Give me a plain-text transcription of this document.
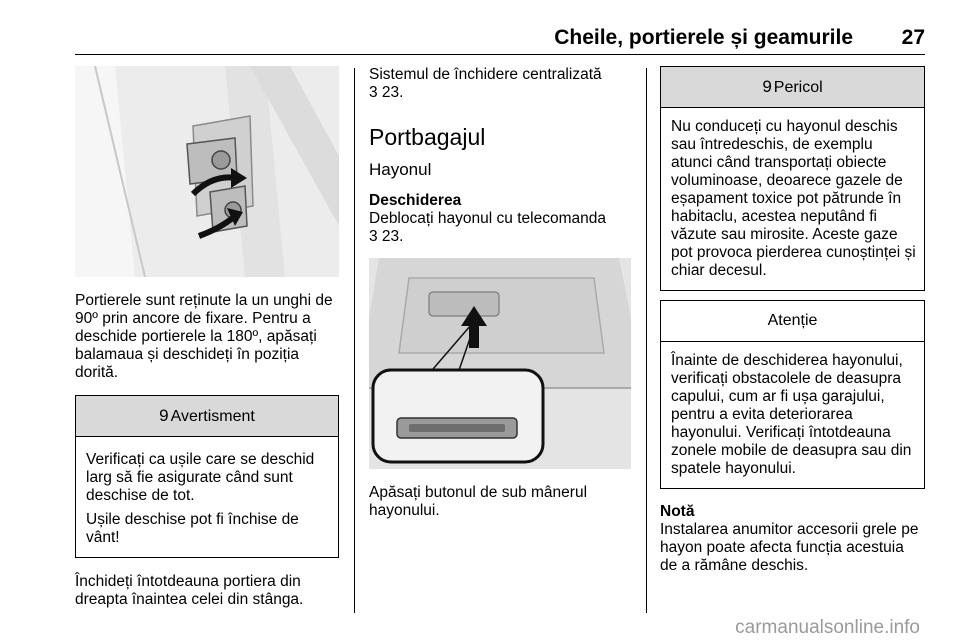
Cheile, portierele și geamurile 27

Portierele sunt reținute la un unghi de 90º prin ancore de fixare. Pentru a deschide portierele la 180º, apăsați balamaua și deschideți în poziția dorită.

9 Avertisment

Verificați ca ușile care se deschid larg să fie asigurate când sunt deschise de tot.

Ușile deschise pot fi închise de vânt!

Închideți întotdeauna portiera din dreapta înaintea celei din stânga.

Sistemul de închidere centralizată

3 23.

Portbagajul
Hayonul
Deschiderea

Deblocați hayonul cu telecomanda

3 23.

Apăsați butonul de sub mânerul hayonului.

9 Pericol

Nu conduceți cu hayonul deschis sau întredeschis, de exemplu atunci când transportați obiecte voluminoase, deoarece gazele de eșapament toxice pot pătrunde în habitaclu, acestea neputând fi văzute sau mirosite. Aceste gaze pot provoca pierderea cunoștinței și chiar decesul.

Atenție

Înainte de deschiderea hayonului, verificați obstacolele de deasupra capului, cum ar fi ușa garajului, pentru a evita deteriorarea hayonului. Verificați întotdeauna zonele mobile de deasupra sau din spatele hayonului.

Notă

Instalarea anumitor accesorii grele pe hayon poate afecta funcția acestuia de a rămâne deschis.

carmanualsonline.info
